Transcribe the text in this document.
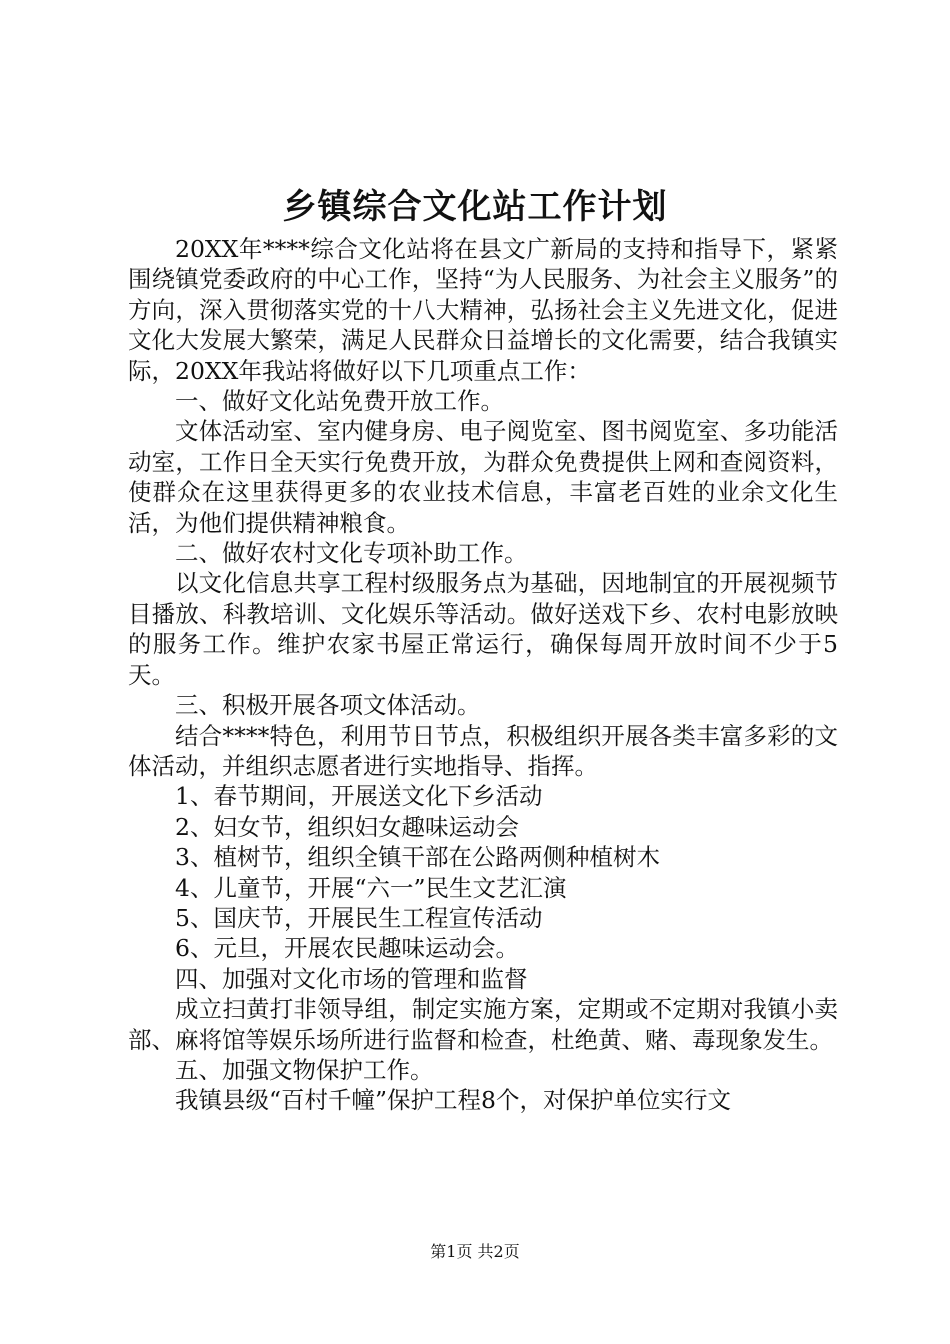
乡镇综合文化站工作计划

20XX年****综合文化站将在县文广新局的支持和指导下，紧紧围绕镇党委政府的中心工作，坚持“为人民服务、为社会主义服务”的方向，深入贯彻落实党的十八大精神，弘扬社会主义先进文化，促进文化大发展大繁荣，满足人民群众日益增长的文化需要，结合我镇实际，20XX年我站将做好以下几项重点工作：

一、做好文化站免费开放工作。

文体活动室、室内健身房、电子阅览室、图书阅览室、多功能活动室，工作日全天实行免费开放，为群众免费提供上网和查阅资料，使群众在这里获得更多的农业技术信息，丰富老百姓的业余文化生活，为他们提供精神粮食。

二、做好农村文化专项补助工作。

以文化信息共享工程村级服务点为基础，因地制宜的开展视频节目播放、科教培训、文化娱乐等活动。做好送戏下乡、农村电影放映的服务工作。维护农家书屋正常运行，确保每周开放时间不少于5天。

三、积极开展各项文体活动。

结合****特色，利用节日节点，积极组织开展各类丰富多彩的文体活动，并组织志愿者进行实地指导、指挥。

1、春节期间，开展送文化下乡活动

2、妇女节，组织妇女趣味运动会

3、植树节，组织全镇干部在公路两侧种植树木

4、儿童节，开展“六一”民生文艺汇演

5、国庆节，开展民生工程宣传活动

6、元旦，开展农民趣味运动会。

四、加强对文化市场的管理和监督

成立扫黄打非领导组，制定实施方案，定期或不定期对我镇小卖部、麻将馆等娱乐场所进行监督和检查，杜绝黄、赌、毒现象发生。

五、加强文物保护工作。

我镇县级“百村千幢”保护工程8个，对保护单位实行文

第1页 共2页
